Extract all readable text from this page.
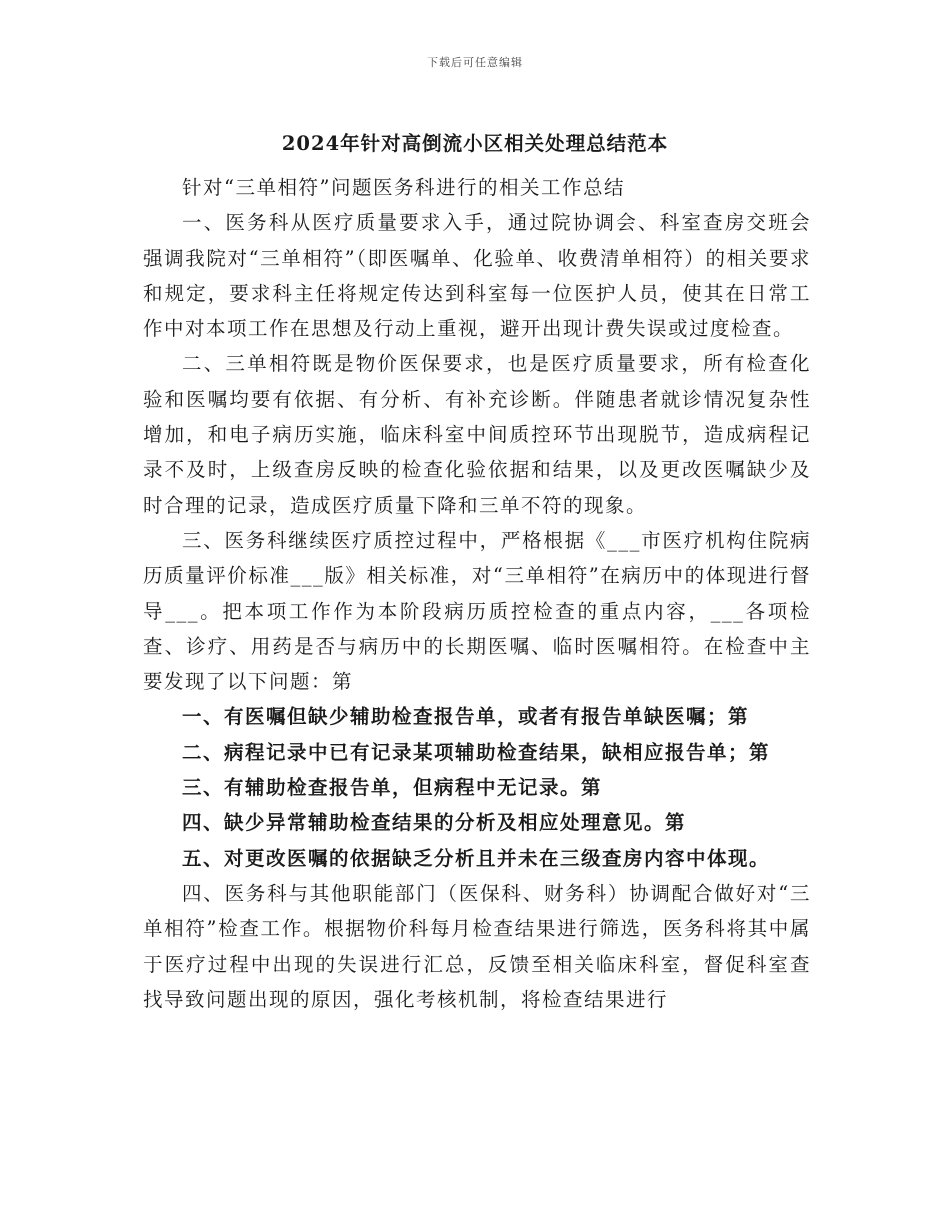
下载后可任意编辑
2024年针对高倒流小区相关处理总结范本

针对“三单相符”问题医务科进行的相关工作总结

一、医务科从医疗质量要求入手，通过院协调会、科室查房交班会强调我院对“三单相符”（即医嘱单、化验单、收费清单相符）的相关要求和规定，要求科主任将规定传达到科室每一位医护人员，使其在日常工作中对本项工作在思想及行动上重视，避开出现计费失误或过度检查。

二、三单相符既是物价医保要求，也是医疗质量要求，所有检查化验和医嘱均要有依据、有分析、有补充诊断。伴随患者就诊情况复杂性增加，和电子病历实施，临床科室中间质控环节出现脱节，造成病程记录不及时，上级查房反映的检查化验依据和结果，以及更改医嘱缺少及时合理的记录，造成医疗质量下降和三单不符的现象。

三、医务科继续医疗质控过程中，严格根据《___市医疗机构住院病历质量评价标准___版》相关标准，对“三单相符”在病历中的体现进行督导___。把本项工作作为本阶段病历质控检查的重点内容，___各项检查、诊疗、用药是否与病历中的长期医嘱、临时医嘱相符。在检查中主要发现了以下问题：第

一、有医嘱但缺少辅助检查报告单，或者有报告单缺医嘱；第

二、病程记录中已有记录某项辅助检查结果，缺相应报告单；第

三、有辅助检查报告单，但病程中无记录。第

四、缺少异常辅助检查结果的分析及相应处理意见。第

五、对更改医嘱的依据缺乏分析且并未在三级查房内容中体现。

四、医务科与其他职能部门（医保科、财务科）协调配合做好对“三单相符”检查工作。根据物价科每月检查结果进行筛选，医务科将其中属于医疗过程中出现的失误进行汇总，反馈至相关临床科室，督促科室查找导致问题出现的原因，强化考核机制，将检查结果进行
